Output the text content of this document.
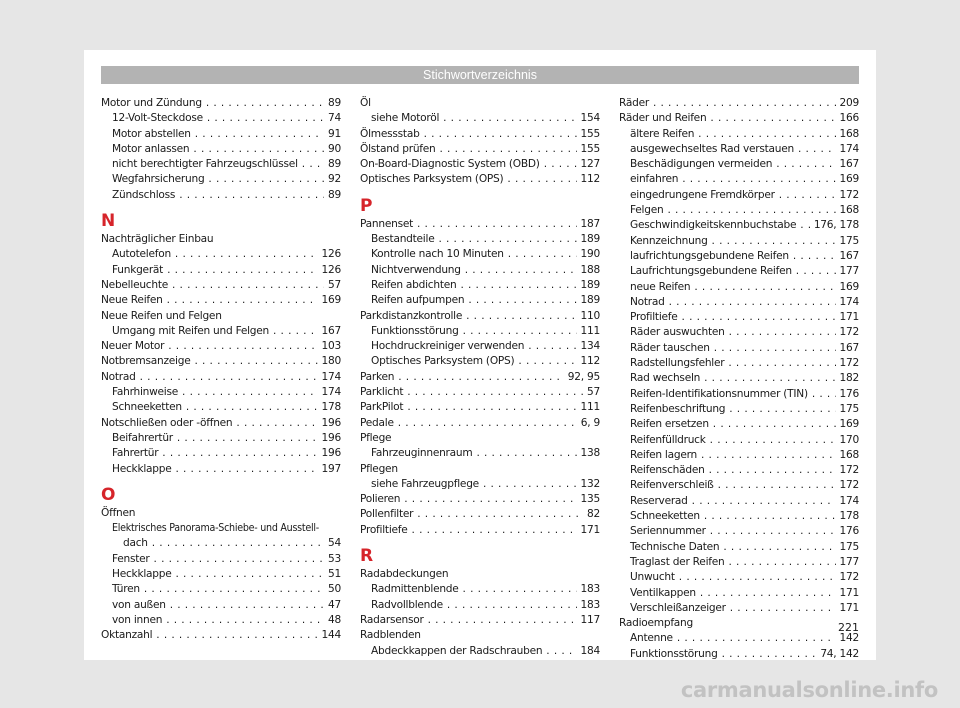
Stichwortverzeichnis
Motor und Zündung . . .	89
12-Volt-Steckdose . . .	74
Motor abstellen . . .	91
Motor anlassen . . .	90
nicht berechtigter Fahrzeugschlüssel . . .	89
Wegfahrsicherung . . .	92
Zündschloss . . .	89
N
Nachträglicher Einbau
Autotelefon . . .	126
Funkgerät . . .	126
Nebelleuchte . . .	57
Neue Reifen . . .	169
Neue Reifen und Felgen
Umgang mit Reifen und Felgen . . .	167
Neuer Motor . . .	103
Notbremsanzeige . . .	180
Notrad . . .	174
Fahrhinweise . . .	174
Schneeketten . . .	178
Notschließen oder -öffnen . . .	196
Beifahrertür . . .	196
Fahrertür . . .	196
Heckklappe . . .	197
O
Öffnen
Elektrisches Panorama-Schiebe- und Ausstell-
dach . . .	54
Fenster . . .	53
Heckklappe . . .	51
Türen . . .	50
von außen . . .	47
von innen . . .	48
Oktanzahl . . .	144
Öl
siehe Motoröl . . .	154
Ölmessstab . . .	155
Ölstand prüfen . . .	155
On-Board-Diagnostic System (OBD) . . .	127
Optisches Parksystem (OPS) . . .	112
P
Pannenset . . .	187
Bestandteile . . .	189
Kontrolle nach 10 Minuten . . .	190
Nichtverwendung . . .	188
Reifen abdichten . . .	189
Reifen aufpumpen . . .	189
Parkdistanzkontrolle . . .	110
Funktionsstörung . . .	111
Hochdruckreiniger verwenden . . .	134
Optisches Parksystem (OPS) . . .	112
Parken . . .	92, 95
Parklicht . . .	57
ParkPilot . . .	111
Pedale . . .	6, 9
Pflege
Fahrzeuginnenraum . . .	138
Pflegen
siehe Fahrzeugpflege . . .	132
Polieren . . .	135
Pollenfilter . . .	82
Profiltiefe . . .	171
R
Radabdeckungen
Radmittenblende . . .	183
Radvollblende . . .	183
Radarsensor . . .	117
Radblenden
Abdeckkappen der Radschrauben . . .	184
Räder . . .	209
Räder und Reifen . . .	166
ältere Reifen . . .	168
ausgewechseltes Rad verstauen . . .	174
Beschädigungen vermeiden . . .	167
einfahren . . .	169
eingedrungene Fremdkörper . . .	172
Felgen . . .	168
Geschwindigkeitskennbuchstabe . . . 176, 178
Kennzeichnung . . .	175
laufrichtungsgebundene Reifen . . .	167
Laufrichtungsgebundene Reifen . . .	177
neue Reifen . . .	169
Notrad . . .	174
Profiltiefe . . .	171
Räder auswuchten . . .	172
Räder tauschen . . .	167
Radstellungsfehler . . .	172
Rad wechseln . . .	182
Reifen-Identifikationsnummer (TIN) . . .	176
Reifenbeschriftung . . .	175
Reifen ersetzen . . .	169
Reifenfülldruck . . .	170
Reifen lagern . . .	168
Reifenschäden . . .	172
Reifenverschleiß . . .	172
Reserverad . . .	174
Schneeketten . . .	178
Seriennummer . . .	176
Technische Daten . . .	175
Traglast der Reifen . . .	177
Unwucht . . .	172
Ventilkappen . . .	171
Verschleißanzeiger . . .	171
Radioempfang
Antenne . . .	142
Funktionsstörung . . .	74, 142
221
carmanualsonline.info
